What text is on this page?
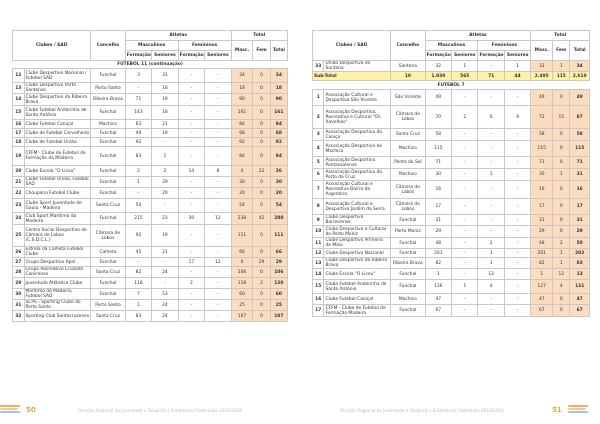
Clubes / SAD		Concelho	Atletas				Total		
			Masculinos		Femininos		Masc.	Fem	Total
			Formação	Seniores	Formação	Seniores			
FUTEBOL 11 (continuação)									
12	Clube Desportivo Nacional / Futebol SAD	Funchal	3	31	-	-	34	0	34
13	Clube Desportivo Porto Santense	Porto Santo	-	18	-	-	18	0	18
14	Clube Desportivo da Ribeira Brava	Ribeira Brava	71	19	-	-	90	0	90
15	Clube Futebol Andorinha de Santo António	Funchal	143	18	-	-	161	0	161
16	Clube Futebol Caniçal	Machico	63	21	-	-	84	0	84
17	Clube de Futebol Carvalheiro	Funchal	49	19	-	-	68	0	68
18	Clube de Futebol União	Funchal	92	-	-	-	92	0	92
19	CFFM - Clube de Futebol de Formação da Madeira	Funchal	83	1	-	-	84	0	84
20	Clube Escola "O Liceu"	Funchal	2	2	14	8	4	22	26
21	Clube Futebol União, Futebol SAD	Funchal	1	29	-	-	30	0	30
22	Choupana Futebol Clube	Funchal	-	20	-	-	20	0	20
23	Clube Sport Juventude de Gaula - Madeira	Santa Cruz	54	-	-	-	54	0	54
24	Club Sport Marítimo da Madeira	Funchal	215	23	30	12	238	42	280
25	Centro Social Desportivo de Câmara de Lobos (C.S.D.C.L.)	Câmara de Lobos	92	19	-	-	111	0	111
26	Estrela da Calheta Futebol Clube	Calheta	45	21	-	-	66	0	66
27	Grupo Desportivo Apel	Funchal	-	-	17	12	0	29	29
28	Grupo Recreativo Cruzado Canicense	Santa Cruz	82	24	-	-	106	0	106
29	Juventude Atlântico Clube	Funchal	118	-	2	-	118	2	120
30	Marítimo da Madeira, Futebol SAD	Funchal	7	53	-	-	60	0	60
31	SCPS - Sporting Clube do Porto Santo	Porto Santo	1	24	-	-	25	0	25
32	Sporting Club Santacruzense	Santa Cruz	83	24	-	-	107	0	107
50	Direção Regional da Juventude e Desporto | Estatísticas Federadas 2018/2019
Clubes / SAD		Concelho	Atletas				Total		
			Masculinos		Femininos		Masc.	Fem	Total
			Formação	Seniores	Formação	Seniores			
33	União Desportiva de Santana	Santana	32	1	-	1	33	1	34
Sub-Total		10	1.930	565	71	44	2.495	115	2.610
FUTEBOL 7									
1	Associação Cultural e Desportiva São Vicente	São Vicente	49	-	-	-	49	0	49
2	Associação Desportiva, Recreativa e Cultural "Os Xavelhas"	Câmara de Lobos	70	2	6	9	72	15	87
3	Associação Desportiva do Caniço	Santa Cruz	58	-	-	-	58	0	58
4	Associação Desportiva de Machico	Machico	115	-	-	-	115	0	115
5	Associação Desportiva Pontassolense	Ponta do Sol	71	-	-	-	71	0	71
6	Associação Desportiva do Porto da Cruz	Machico	30	-	1	-	30	1	31
7	Associação Cultural e Recreativa Bairro da Argentina	Câmara de Lobos	16	-	-	-	16	0	16
8	Associação Cultural e Desportiva Jardim da Serra	Câmara de Lobos	17	-	-	-	17	0	17
9	Clube Desportivo Barreirense	Funchal	31	-	-	-	31	0	31
10	Clube Desportivo e Cultural do Porto Moniz	Porto Moniz	29	-	-	-	29	0	29
11	Clube Desportivo Primeiro de Maio	Funchal	48	-	2	-	48	2	50
12	Clube Desportivo Nacional	Funchal	201	-	1	-	201	1	202
13	Clube Desportivo da Ribeira Brava	Ribeira Brava	82	-	1	-	82	1	83
14	Clube Escola "O Liceu"	Funchal	1	-	12	-	1	12	13
15	Clube Futebol Andorinha de Santo António	Funchal	136	1	4	-	127	4	131
16	Clube Futebol Caniçal	Machico	47	-	-	-	47	0	47
17	CFFM - Clube de Futebol de Formação Madeira	Funchal	67	-	-	-	67	0	67
Direção Regional da Juventude e Desporto | Estatísticas Federadas 2018/2019	51
